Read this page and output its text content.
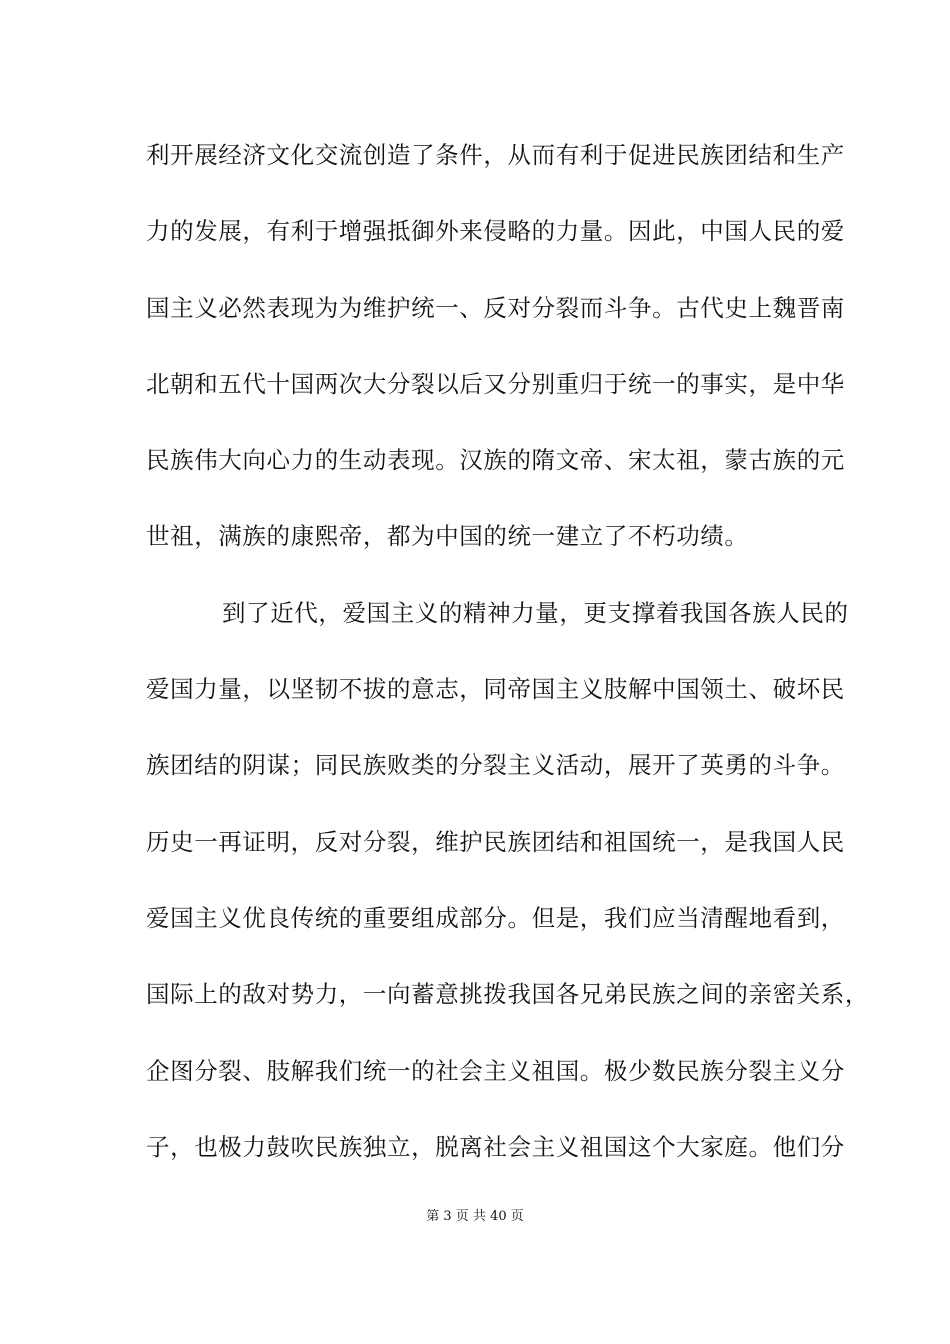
利开展经济文化交流创造了条件，从而有利于促进民族团结和生产
力的发展，有利于增强抵御外来侵略的力量。因此，中国人民的爱
国主义必然表现为为维护统一、反对分裂而斗争。古代史上魏晋南
北朝和五代十国两次大分裂以后又分别重归于统一的事实，是中华
民族伟大向心力的生动表现。汉族的隋文帝、宋太祖，蒙古族的元
世祖，满族的康熙帝，都为中国的统一建立了不朽功绩。
到了近代，爱国主义的精神力量，更支撑着我国各族人民的
爱国力量，以坚韧不拔的意志，同帝国主义肢解中国领土、破坏民
族团结的阴谋；同民族败类的分裂主义活动，展开了英勇的斗争。
历史一再证明，反对分裂，维护民族团结和祖国统一，是我国人民
爱国主义优良传统的重要组成部分。但是，我们应当清醒地看到，
国际上的敌对势力，一向蓄意挑拨我国各兄弟民族之间的亲密关系，
企图分裂、肢解我们统一的社会主义祖国。极少数民族分裂主义分
子，也极力鼓吹民族独立，脱离社会主义祖国这个大家庭。他们分
第 3 页 共 40 页
